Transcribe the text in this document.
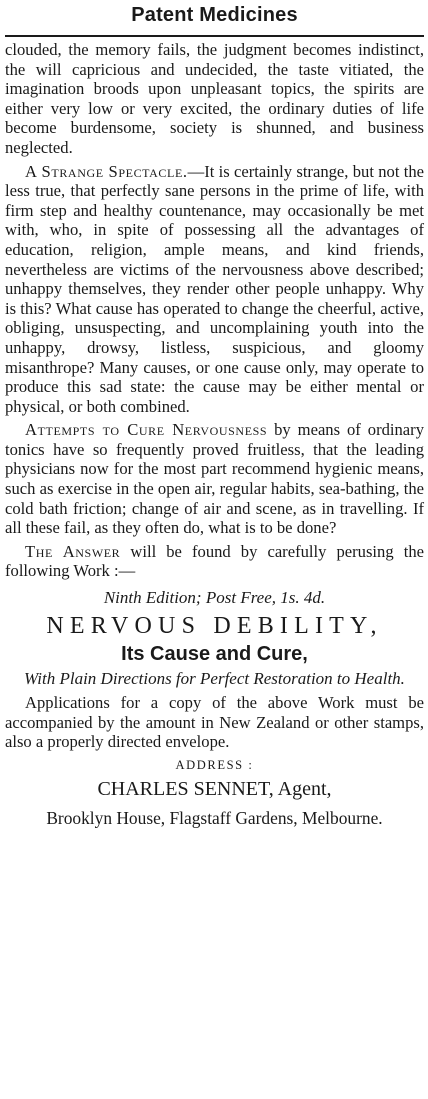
Patent Medicines

clouded, the memory fails, the judgment becomes indistinct, the will capricious and undecided, the taste vitiated, the imagination broods upon unpleasant topics, the spirits are either very low or very excited, the ordinary duties of life become burdensome, society is shunned, and business neglected.

A Strange Spectacle.—It is certainly strange, but not the less true, that perfectly sane persons in the prime of life, with firm step and healthy countenance, may occasionally be met with, who, in spite of possessing all the advantages of education, religion, ample means, and kind friends, nevertheless are victims of the nervousness above described; unhappy themselves, they render other people unhappy. Why is this? What cause has operated to change the cheerful, active, obliging, unsuspecting, and uncomplaining youth into the unhappy, drowsy, listless, suspicious, and gloomy misanthrope? Many causes, or one cause only, may operate to produce this sad state: the cause may be either mental or physical, or both combined.

Attempts to Cure Nervousness by means of ordinary tonics have so frequently proved fruitless, that the leading physicians now for the most part recommend hygienic means, such as exercise in the open air, regular habits, sea-bathing, the cold bath friction; change of air and scene, as in travelling. If all these fail, as they often do, what is to be done?

The Answer will be found by carefully perusing the following Work :—

Ninth Edition; Post Free, 1s. 4d.
NERVOUS DEBILITY,
Its Cause and Cure,
With Plain Directions for Perfect Restoration to Health.

Applications for a copy of the above Work must be accompanied by the amount in New Zealand or other stamps, also a properly directed envelope.

ADDRESS :
CHARLES SENNET, Agent,
Brooklyn House, Flagstaff Gardens, Melbourne.
